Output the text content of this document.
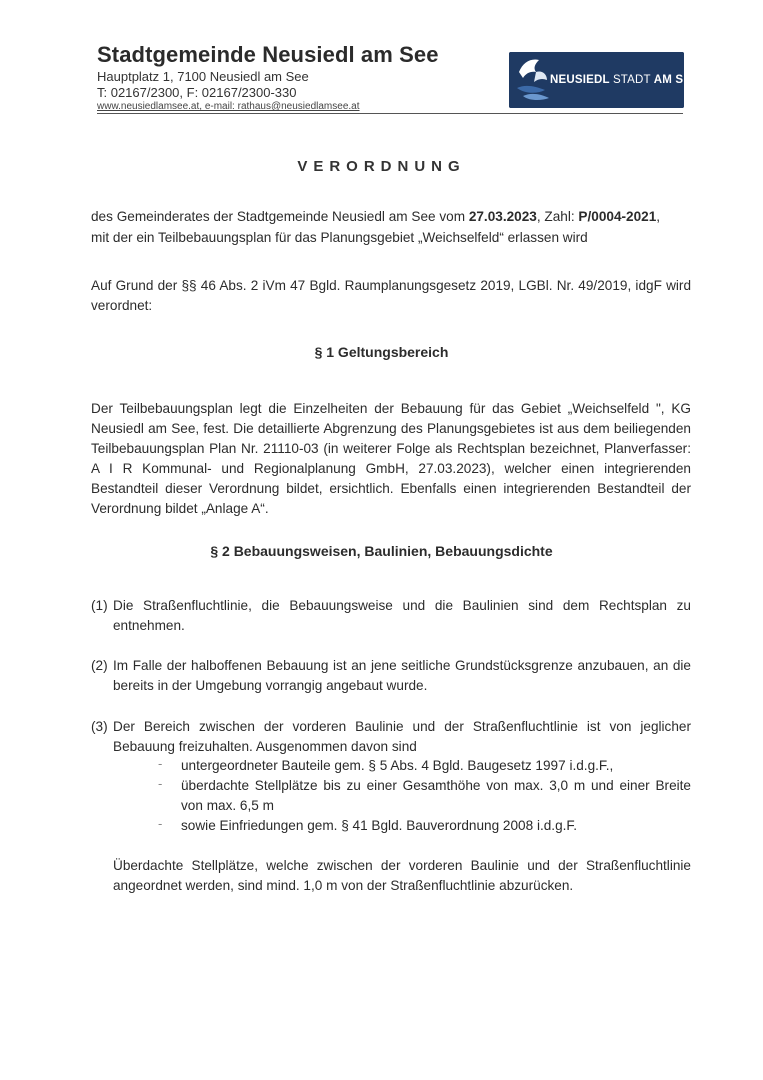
Stadtgemeinde Neusiedl am See
Hauptplatz 1, 7100 Neusiedl am See
T: 02167/2300, F: 02167/2300-330
www.neusiedlamsee.at, e-mail: rathaus@neusiedlamsee.at
NEUSIEDL STADT AM SEE
VERORDNUNG
des Gemeinderates der Stadtgemeinde Neusiedl am See vom 27.03.2023, Zahl: P/0004-2021,
mit der ein Teilbebauungsplan für das Planungsgebiet „Weichselfeld“ erlassen wird
Auf Grund der §§ 46 Abs. 2 iVm 47 Bgld. Raumplanungsgesetz 2019, LGBl. Nr. 49/2019, idgF wird verordnet:
§ 1 Geltungsbereich
Der Teilbebauungsplan legt die Einzelheiten der Bebauung für das Gebiet „Weichselfeld ", KG Neusiedl am See, fest. Die detaillierte Abgrenzung des Planungsgebietes ist aus dem beiliegenden Teilbebauungsplan Plan Nr. 21110-03 (in weiterer Folge als Rechtsplan bezeichnet, Planverfasser: A I R Kommunal- und Regionalplanung GmbH, 27.03.2023), welcher einen integrierenden Bestandteil dieser Verordnung bildet, ersichtlich. Ebenfalls einen integrierenden Bestandteil der Verordnung bildet „Anlage A“.
§ 2 Bebauungsweisen, Baulinien, Bebauungsdichte
(1) Die Straßenfluchtlinie, die Bebauungsweise und die Baulinien sind dem Rechtsplan zu entnehmen.
(2) Im Falle der halboffenen Bebauung ist an jene seitliche Grundstücksgrenze anzubauen, an die bereits in der Umgebung vorrangig angebaut wurde.
(3) Der Bereich zwischen der vorderen Baulinie und der Straßenfluchtlinie ist von jeglicher Bebauung freizuhalten. Ausgenommen davon sind
- untergeordneter Bauteile gem. § 5 Abs. 4 Bgld. Baugesetz 1997 i.d.g.F.,
- überdachte Stellplätze bis zu einer Gesamthöhe von max. 3,0 m und einer Breite von max. 6,5 m
- sowie Einfriedungen gem. § 41 Bgld. Bauverordnung 2008 i.d.g.F.
Überdachte Stellplätze, welche zwischen der vorderen Baulinie und der Straßenfluchtlinie angeordnet werden, sind mind. 1,0 m von der Straßenfluchtlinie abzurücken.
